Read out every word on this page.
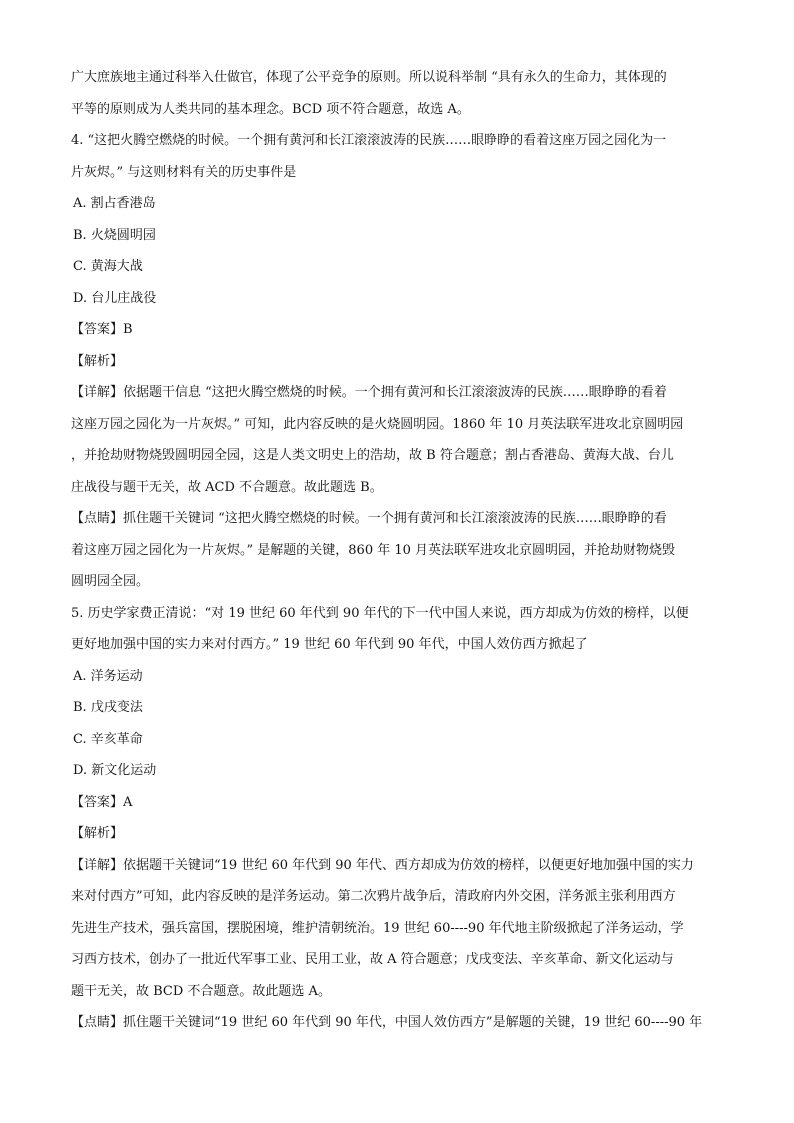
广大庶族地主通过科举入仕做官，体现了公平竞争的原则。所以说科举制 “具有永久的生命力，其体现的
平等的原则成为人类共同的基本理念。BCD 项不符合题意，故选 A。
4. “这把火腾空燃烧的时候。一个拥有黄河和长江滚滚波涛的民族……眼睁睁的看着这座万园之园化为一
片灰烬。” 与这则材料有关的历史事件是
A. 割占香港岛
B. 火烧圆明园
C. 黄海大战
D. 台儿庄战役
【答案】B
【解析】
【详解】依据题干信息 “这把火腾空燃烧的时候。一个拥有黄河和长江滚滚波涛的民族……眼睁睁的看着
这座万园之园化为一片灰烬。” 可知，此内容反映的是火烧圆明园。1860 年 10 月英法联军进攻北京圆明园
，并抢劫财物烧毁圆明园全园，这是人类文明史上的浩劫，故 B 符合题意；割占香港岛、黄海大战、台儿
庄战役与题干无关，故 ACD 不合题意。故此题选 B。
【点睛】抓住题干关键词 “这把火腾空燃烧的时候。一个拥有黄河和长江滚滚波涛的民族……眼睁睁的看
着这座万园之园化为一片灰烬。” 是解题的关键，860 年 10 月英法联军进攻北京圆明园，并抢劫财物烧毁
圆明园全园。
5. 历史学家费正清说：“对 19 世纪 60 年代到 90 年代的下一代中国人来说，西方却成为仿效的榜样，以便
更好地加强中国的实力来对付西方。” 19 世纪 60 年代到 90 年代，中国人效仿西方掀起了
A. 洋务运动
B. 戊戌变法
C. 辛亥革命
D. 新文化运动
【答案】A
【解析】
【详解】依据题干关键词“19 世纪 60 年代到 90 年代、西方却成为仿效的榜样，以便更好地加强中国的实力
来对付西方”可知，此内容反映的是洋务运动。第二次鸦片战争后，清政府内外交困，洋务派主张利用西方
先进生产技术，强兵富国，摆脱困境，维护清朝统治。19 世纪 60----90 年代地主阶级掀起了洋务运动，学
习西方技术，创办了一批近代军事工业、民用工业，故 A 符合题意；戊戌变法、辛亥革命、新文化运动与
题干无关，故 BCD 不合题意。故此题选 A。
【点睛】抓住题干关键词“19 世纪 60 年代到 90 年代，中国人效仿西方”是解题的关键，19 世纪 60----90 年
